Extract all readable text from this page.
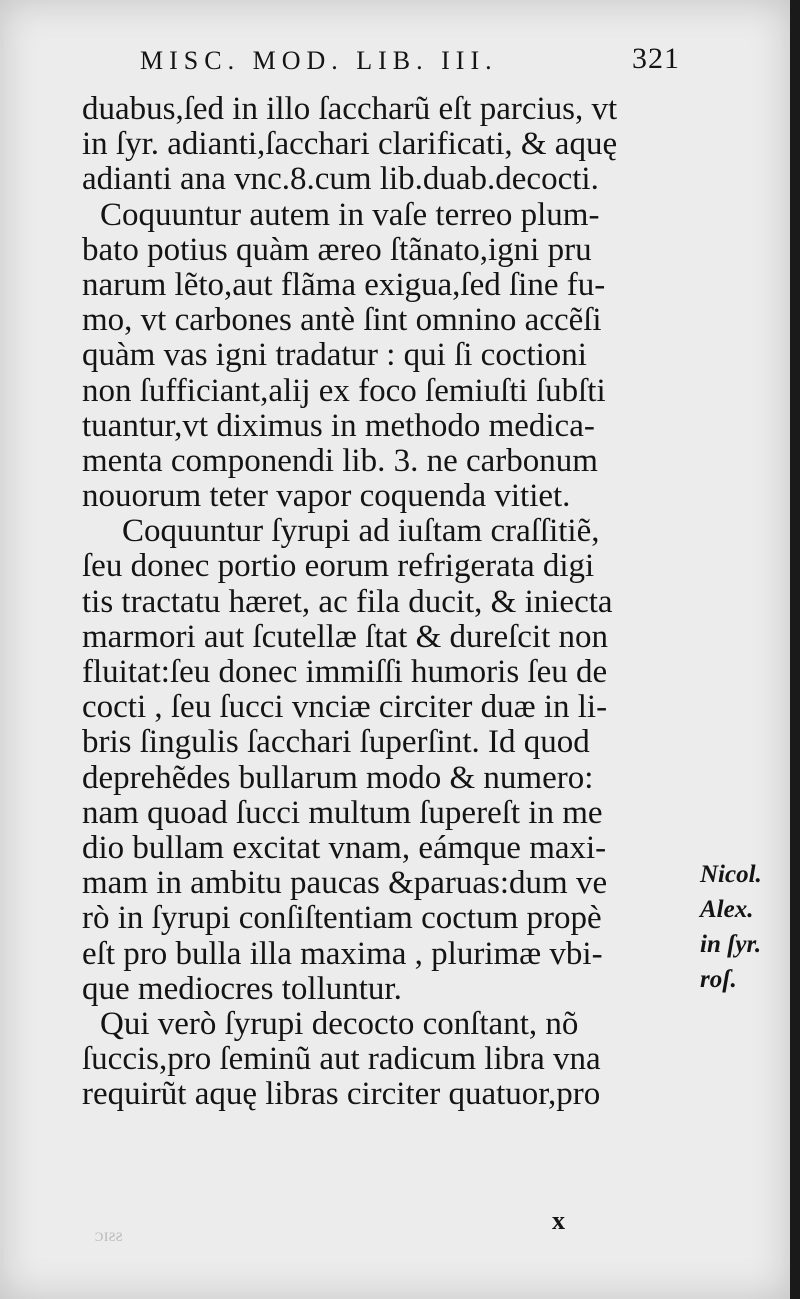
MISC. MOD. LIB. III.	321
duabus,ſed in illo ſaccharũ eſt parcius, vt
in ſyr. adianti,ſacchari clarificati, & aquę
adianti ana vnc.8.cum lib.duab.decocti.
Coquuntur autem in vaſe terreo plum-
bato potius quàm æreo ſtãnato,igni pru
narum lẽto,aut flãma exigua,ſed ſine fu-
mo, vt carbones antè ſint omnino accẽſi
quàm vas igni tradatur : qui ſi coctioni
non ſufficiant,alij ex foco ſemiuſti ſubſti
tuantur,vt diximus in methodo medica-
menta componendi lib. 3. ne carbonum
nouorum teter vapor coquenda vitiet.
Coquuntur ſyrupi ad iuſtam craſſitiẽ,
ſeu donec portio eorum refrigerata digi
tis tractatu hæret, ac fila ducit, & iniecta
marmori aut ſcutellæ ſtat & dureſcit non
fluitat:ſeu donec immiſſi humoris ſeu de
cocti , ſeu ſucci vnciæ circiter duæ in li-
bris ſingulis ſacchari ſuperſint. Id quod
deprehẽdes bullarum modo & numero:
nam quoad ſucci multum ſupereſt in me
dio bullam excitat vnam, eámque maxi-
mam in ambitu paucas &paruas:dum ve
rò in ſyrupi conſiſtentiam coctum propè
eſt pro bulla illa maxima , plurimæ vbi-
que mediocres tolluntur.
Qui verò ſyrupi decocto conſtant, nõ
ſuccis,pro ſeminũ aut radicum libra vna
requirũt aquę libras circiter quatuor,pro
Nicol.
Alex.
in ſyr.
roſ.
x
ᴐɪƨƨ
